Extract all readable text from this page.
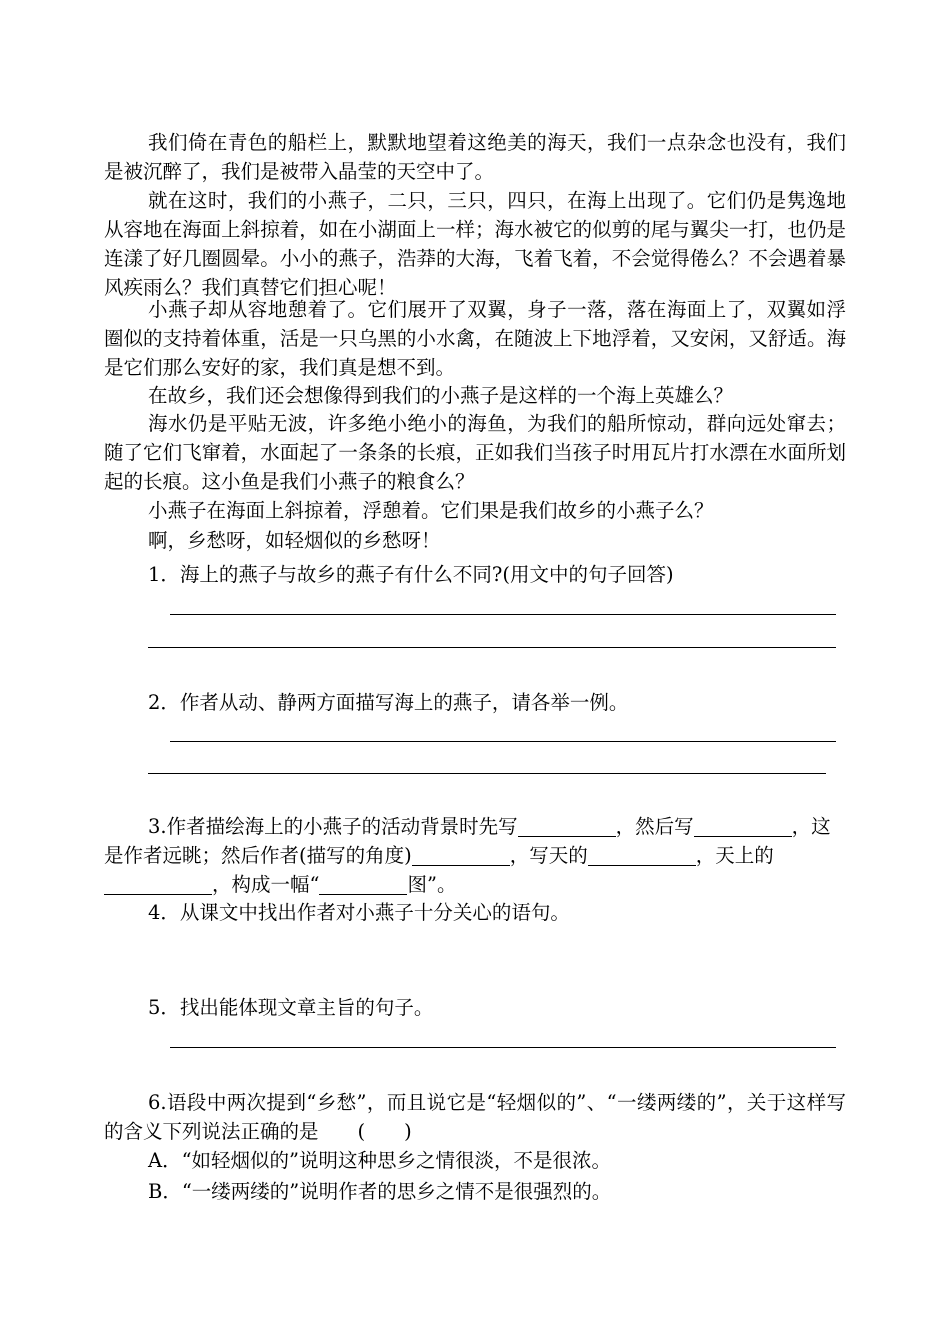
我们倚在青色的船栏上，默默地望着这绝美的海天，我们一点杂念也没有，我们是被沉醉了，我们是被带入晶莹的天空中了。

就在这时，我们的小燕子，二只，三只，四只，在海上出现了。它们仍是隽逸地从容地在海面上斜掠着，如在小湖面上一样；海水被它的似剪的尾与翼尖一打，也仍是连漾了好几圈圆晕。小小的燕子，浩莽的大海，飞着飞着，不会觉得倦么？不会遇着暴风疾雨么？我们真替它们担心呢！

小燕子却从容地憩着了。它们展开了双翼，身子一落，落在海面上了，双翼如浮圈似的支持着体重，活是一只乌黑的小水禽，在随波上下地浮着，又安闲，又舒适。海是它们那么安好的家，我们真是想不到。

在故乡，我们还会想像得到我们的小燕子是这样的一个海上英雄么？

海水仍是平贴无波，许多绝小绝小的海鱼，为我们的船所惊动，群向远处窜去；随了它们飞窜着，水面起了一条条的长痕，正如我们当孩子时用瓦片打水漂在水面所划起的长痕。这小鱼是我们小燕子的粮食么？

小燕子在海面上斜掠着，浮憩着。它们果是我们故乡的小燕子么？

啊，乡愁呀，如轻烟似的乡愁呀！

1．海上的燕子与故乡的燕子有什么不同?(用文中的句子回答)

2．作者从动、静两方面描写海上的燕子，请各举一例。

3.作者描绘海上的小燕子的活动背景时先写	，然后写	，这是作者远眺；然后作者(描写的角度)	，写天的	，天上的，构成一幅“	图”。

4．从课文中找出作者对小燕子十分关心的语句。

5．找出能体现文章主旨的句子。

6.语段中两次提到“乡愁”，而且说它是“轻烟似的”、“一缕两缕的”，关于这样写的含义下列说法正确的是　　(　　)

A．“如轻烟似的”说明这种思乡之情很淡，不是很浓。

B．“一缕两缕的”说明作者的思乡之情不是很强烈的。
